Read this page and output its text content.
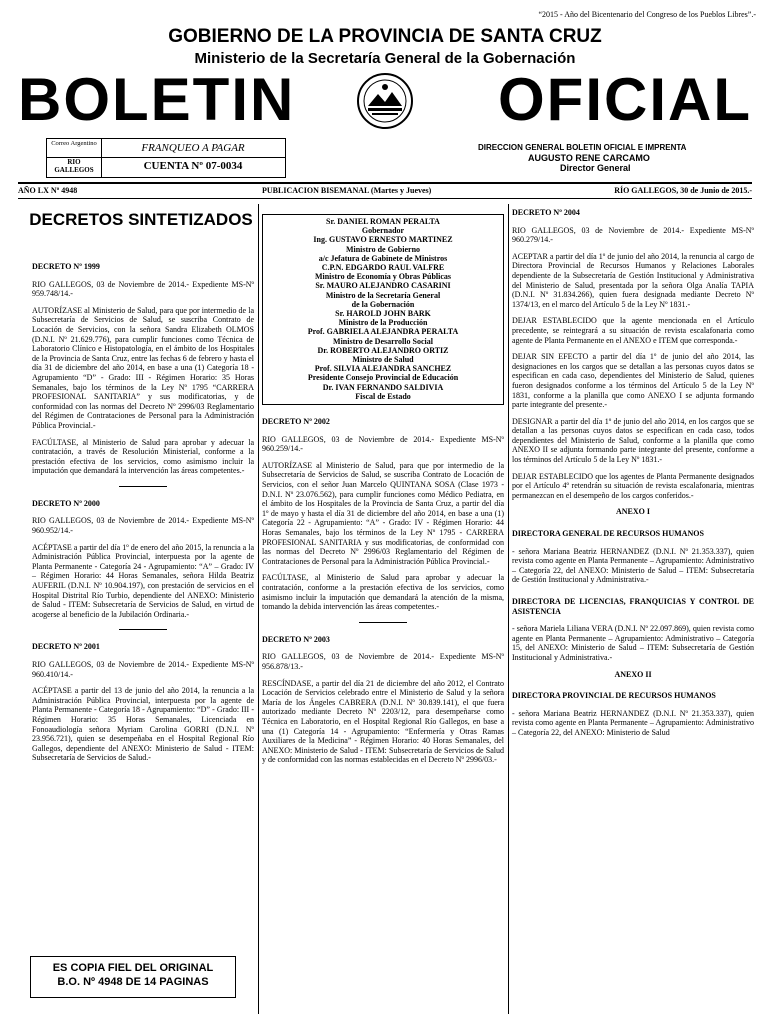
“2015 - Año del Bicentenario del Congreso de los Pueblos Libres”.-
GOBIERNO DE LA PROVINCIA DE SANTA CRUZ
Ministerio de la Secretaría General de la Gobernación
BOLETIN	OFICIAL
Correo Argentino	FRANQUEO A PAGAR
RIO GALLEGOS	CUENTA Nº 07-0034
DIRECCION GENERAL BOLETIN OFICIAL E IMPRENTA
AUGUSTO RENE CARCAMO
Director General
AÑO LX Nº 4948	PUBLICACION BISEMANAL (Martes y Jueves)	RÍO GALLEGOS, 30 de Junio de 2015.-
DECRETOS SINTETIZADOS

DECRETO Nº 1999

RIO GALLEGOS, 03 de Noviembre de 2014.- Expediente MS-Nº 959.748/14.-

AUTORÍZASE al Ministerio de Salud, para que por intermedio de la Subsecretaría de Servicios de Salud, se suscriba Contrato de Locación de Servicios, con la señora Sandra Elizabeth OLMOS (D.N.I. Nº 21.629.776), para cumplir funciones como Técnica de Laboratorio Clínico e Histopatología, en el ámbito de los Hospitales de la Provincia de Santa Cruz, entre las fechas 6 de febrero y hasta el día 31 de diciembre del año 2014, en base a una (1) Categoría 18 - Agrupamiento “D” - Grado: III - Régimen Horario: 35 Horas Semanales, bajo los términos de la Ley Nº 1795 “CARRERA PROFESIONAL SANITARIA” y sus modificatorias, y de conformidad con las normas del Decreto Nº 2996/03 Reglamentario del Régimen de Contrataciones de Personal para la Administración Pública Provincial.-

FACÚLTASE, al Ministerio de Salud para aprobar y adecuar la contratación, a través de Resolución Ministerial, conforme a la prestación efectiva de los servicios, como asimismo incluir la imputación que demandará la intervención las áreas competentes.-

DECRETO Nº 2000

RIO GALLEGOS, 03 de Noviembre de 2014.- Expediente MS-Nº 960.952/14.-

ACÉPTASE a partir del día 1º de enero del año 2015, la renuncia a la Administración Pública Provincial, interpuesta por la agente de Planta Permanente - Categoría 24 - Agrupamiento: “A” – Grado: IV – Régimen Horario: 44 Horas Semanales, señora Hilda Beatriz AUFERIL (D.N.I. Nº 10.904.197), con prestación de servicios en el Hospital Distrital Río Turbio, dependiente del ANEXO: Ministerio de Salud - ITEM: Subsecretaría de Servicios de Salud, en virtud de acogerse al beneficio de la Jubilación Ordinaria.-

DECRETO Nº 2001

RIO GALLEGOS, 03 de Noviembre de 2014.- Expediente MS-Nº 960.410/14.-

ACÉPTASE a partir del 13 de junio del año 2014, la renuncia a la Administración Pública Provincial, interpuesta por la agente de Planta Permanente - Categoría 18 - Agrupamiento: “D” - Grado: III - Régimen Horario: 35 Horas Semanales, Licenciada en Fonoaudiología señora Myriam Carolina GORRI (D.N.I. Nº 23.956.721), quien se desempeñaba en el Hospital Regional Río Gallegos, dependiente del ANEXO: Ministerio de Salud - ITEM: Subsecretaría de Servicios de Salud.-

ES COPIA FIEL DEL ORIGINAL
B.O. Nº 4948 DE 14 PAGINAS
Sr. DANIEL ROMAN PERALTA
Gobernador
Ing. GUSTAVO ERNESTO MARTINEZ
Ministro de Gobierno
a/c Jefatura de Gabinete de Ministros
C.P.N. EDGARDO RAUL VALFRE
Ministro de Economía y Obras Públicas
Sr. MAURO ALEJANDRO CASARINI
Ministro de la Secretaría General
de la Gobernación
Sr. HAROLD JOHN BARK
Ministro de la Producción
Prof. GABRIELA ALEJANDRA PERALTA
Ministro de Desarrollo Social
Dr. ROBERTO ALEJANDRO ORTIZ
Ministro de Salud
Prof. SILVIA ALEJANDRA SANCHEZ
Presidente Consejo Provincial de Educación
Dr. IVAN FERNANDO SALDIVIA
Fiscal de Estado

DECRETO Nº 2002

RIO GALLEGOS, 03 de Noviembre de 2014.- Expediente MS-Nº 960.259/14.-

AUTORÍZASE al Ministerio de Salud, para que por intermedio de la Subsecretaría de Servicios de Salud, se suscriba Contrato de Locación de Servicios, con el señor Juan Marcelo QUINTANA SOSA (Clase 1973 - D.N.I. Nº 23.076.562), para cumplir funciones como Médico Pediatra, en el ámbito de los Hospitales de la Provincia de Santa Cruz, a partir del día 1º de mayo y hasta el día 31 de diciembre del año 2014, en base a una (1) Categoría 22 - Agrupamiento: “A” - Grado: IV - Régimen Horario: 44 Horas Semanales, bajo los términos de la Ley Nº 1795 - CARRERA PROFESIONAL SANITARIA y sus modificatorias, de conformidad con las normas del Decreto Nº 2996/03 Reglamentario del Régimen de Contrataciones de Personal para la Administración Pública Provincial.-

FACÚLTASE, al Ministerio de Salud para aprobar y adecuar la contratación, conforme a la prestación efectiva de los servicios, como asimismo incluir la imputación que demandará la atención de la misma, tomando la debida intervención las áreas competentes.-

DECRETO Nº 2003

RIO GALLEGOS, 03 de Noviembre de 2014.- Expediente MS-Nº 956.878/13.-

RESCÍNDASE, a partir del día 21 de diciembre del año 2012, el Contrato Locación de Servicios celebrado entre el Ministerio de Salud y la señora María de los Ángeles CABRERA (D.N.I. Nº 30.839.141), el que fuera autorizado mediante Decreto Nº 2203/12, para desempeñarse como Técnica en Laboratorio, en el Hospital Regional Río Gallegos, en base a una (1) Categoría 14 - Agrupamiento: “Enfermería y Otras Ramas Auxiliares de la Medicina” - Régimen Horario: 40 Horas Semanales, del ANEXO: Ministerio de Salud - ITEM: Subsecretaría de Servicios de Salud y de conformidad con las normas establecidas en el Decreto Nº 2996/03.-

DECRETO Nº 2004

RIO GALLEGOS, 03 de Noviembre de 2014.- Expediente MS-Nº 960.279/14.-

ACEPTAR a partir del día 1º de junio del año 2014, la renuncia al cargo de Directora Provincial de Recursos Humanos y Relaciones Laborales dependiente de la Subsecretaría de Gestión Institucional y Administrativa del Ministerio de Salud, presentada por la señora Olga Analía TAPIA (D.N.I. Nº 31.834.266), quien fuera designada mediante Decreto Nº 1374/13, en el marco del Artículo 5 de la Ley Nº 1831.-

DEJAR ESTABLECIDO que la agente mencionada en el Artículo precedente, se reintegrará a su situación de revista escalafonaria como agente de Planta Permanente en el ANEXO e ITEM que corresponda.-

DEJAR SIN EFECTO a partir del día 1º de junio del año 2014, las designaciones en los cargos que se detallan a las personas cuyos datos se especifican en cada caso, dependientes del Ministerio de Salud, quienes fueron designados conforme a los términos del Artículo 5 de la Ley Nº 1831, conforme a la planilla que como ANEXO I se adjunta formando parte integrante del presente.-

DESIGNAR a partir del día 1º de junio del año 2014, en los cargos que se detallan a las personas cuyos datos se especifican en cada caso, todos dependientes del Ministerio de Salud, conforme a la planilla que como ANEXO II se adjunta formando parte integrante del presente, conforme a los términos del Artículo 5 de la Ley Nº 1831.-

DEJAR ESTABLECIDO que los agentes de Planta Permanente designados por el Artículo 4º retendrán su situación de revista escalafonaria, mientras permanezcan en el desempeño de los cargos conferidos.-

ANEXO I

DIRECTORA GENERAL DE RECURSOS HUMANOS

- señora Mariana Beatriz HERNANDEZ (D.N.I. Nº 21.353.337), quien revista como agente en Planta Permanente – Agrupamiento: Administrativo – Categoría 22, del ANEXO: Ministerio de Salud – ITEM: Subsecretaría de Gestión Institucional y Administrativa.-

DIRECTORA DE LICENCIAS, FRANQUICIAS Y CONTROL DE ASISTENCIA

- señora Mariela Liliana VERA (D.N.I. Nº 22.097.869), quien revista como agente en Planta Permanente – Agrupamiento: Administrativo – Categoría 15, del ANEXO: Ministerio de Salud – ITEM: Subsecretaría de Gestión Institucional y Administrativa.-

ANEXO II

DIRECTORA PROVINCIAL DE RECURSOS HUMANOS

- señora Mariana Beatriz HERNANDEZ (D.N.I. Nº 21.353.337), quien revista como agente en Planta Permanente – Agrupamiento: Administrativo – Categoría 22, del ANEXO: Ministerio de Salud
